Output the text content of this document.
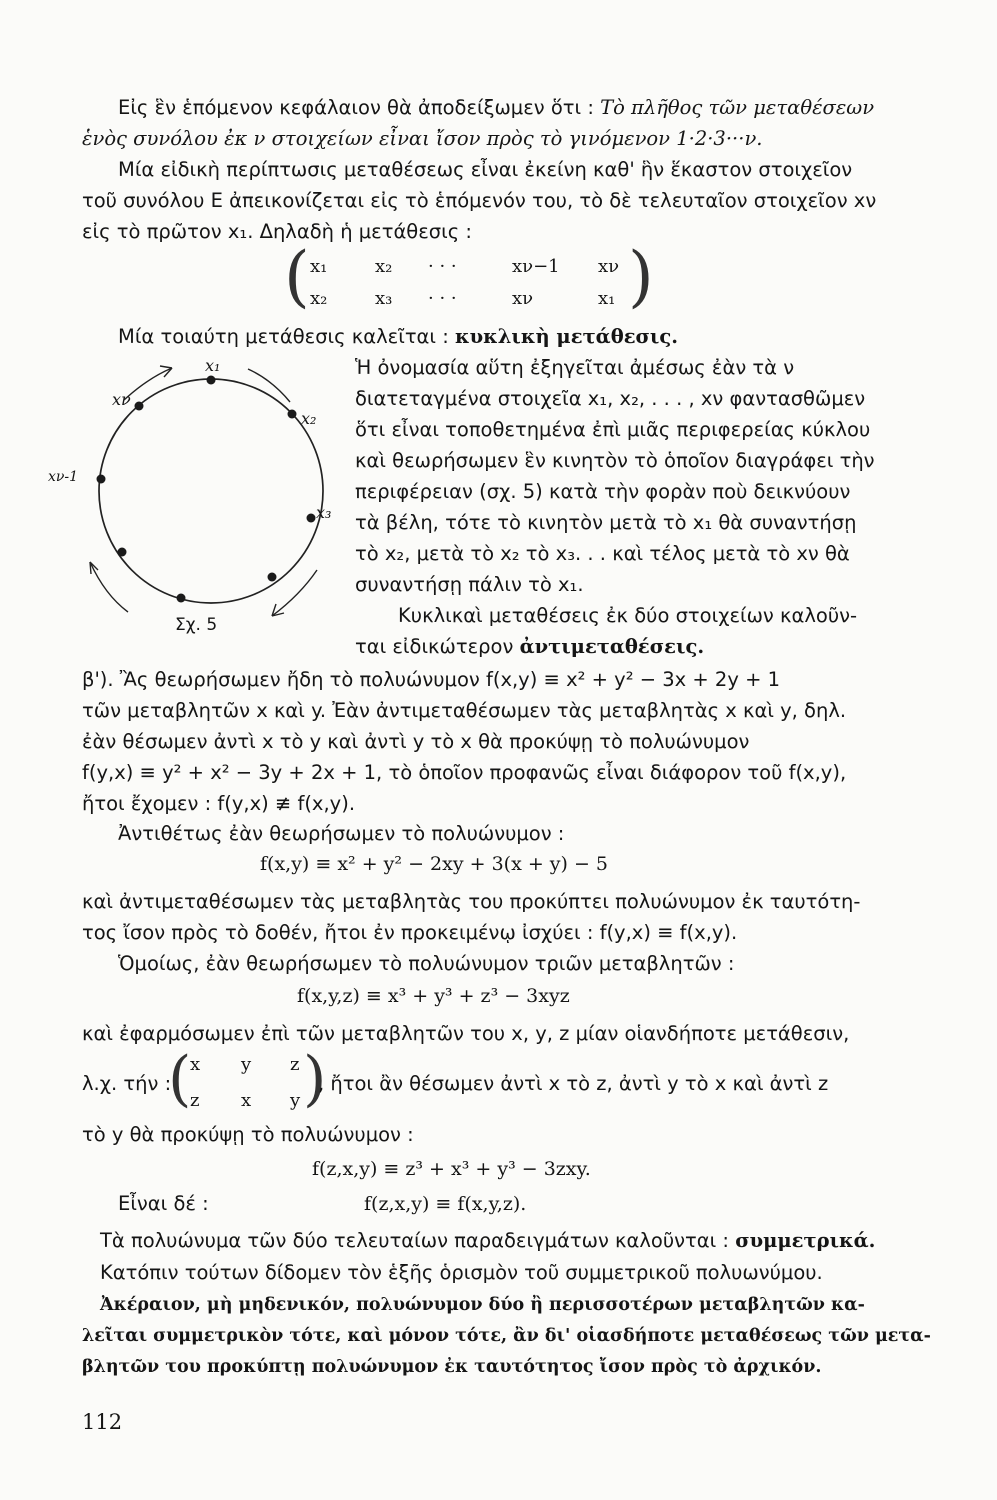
Εἰς ἓν ἑπόμενον κεφάλαιον θὰ ἀποδείξωμεν ὅτι : Τὸ πλῆθος τῶν μεταθέσεων
ἑνὸς συνόλου ἐκ ν στοιχείων εἶναι ἴσον πρὸς τὸ γινόμενον 1·2·3···ν.
Μία εἰδικὴ περίπτωσις μεταθέσεως εἶναι ἐκείνη καθ' ἣν ἕκαστον στοιχεῖον
τοῦ συνόλου Ε ἀπεικονίζεται εἰς τὸ ἑπόμενόν του, τὸ δὲ τελευταῖον στοιχεῖον xν
εἰς τὸ πρῶτον x₁. Δηλαδὴ ἡ μετάθεσις :
(	)
x₁	x₂ · · ·	xν−1 xν
x₂	x₃ · · ·	xν	x₁
Μία τοιαύτη μετάθεσις καλεῖται : κυκλικὴ μετάθεσις.
x₁
x₂
x₃
xν
xν-1
Σχ. 5
Ἡ ὀνομασία αὕτη ἐξηγεῖται ἀμέσως ἐὰν τὰ ν
διατεταγμένα στοιχεῖα x₁, x₂, . . . , xν φαντασθῶμεν
ὅτι εἶναι τοποθετημένα ἐπὶ μιᾶς περιφερείας κύκλου
καὶ θεωρήσωμεν ἓν κινητὸν τὸ ὁποῖον διαγράφει τὴν
περιφέρειαν (σχ. 5) κατὰ τὴν φορὰν ποὺ δεικνύουν
τὰ βέλη, τότε τὸ κινητὸν μετὰ τὸ x₁ θὰ συναντήσῃ
τὸ x₂, μετὰ τὸ x₂ τὸ x₃. . . καὶ τέλος μετὰ τὸ xν θὰ
συναντήσῃ πάλιν τὸ x₁.
Κυκλικαὶ μεταθέσεις ἐκ δύο στοιχείων καλοῦν-
ται εἰδικώτερον ἀντιμεταθέσεις.
β'). Ἂς θεωρήσωμεν ἤδη τὸ πολυώνυμον f(x,y) ≡ x² + y² − 3x + 2y + 1
τῶν μεταβλητῶν x καὶ y. Ἐὰν ἀντιμεταθέσωμεν τὰς μεταβλητὰς x καὶ y, δηλ.
ἐὰν θέσωμεν ἀντὶ x τὸ y καὶ ἀντὶ y τὸ x θὰ προκύψῃ τὸ πολυώνυμον
f(y,x) ≡ y² + x² − 3y + 2x + 1, τὸ ὁποῖον προφανῶς εἶναι διάφορον τοῦ f(x,y),
ἤτοι ἔχομεν : f(y,x) ≢ f(x,y).
Ἀντιθέτως ἐὰν θεωρήσωμεν τὸ πολυώνυμον :
f(x,y) ≡ x² + y² − 2xy + 3(x + y) − 5
καὶ ἀντιμεταθέσωμεν τὰς μεταβλητὰς του προκύπτει πολυώνυμον ἐκ ταυτότη-
τος ἴσον πρὸς τὸ δοθέν, ἤτοι ἐν προκειμένῳ ἰσχύει : f(y,x) ≡ f(x,y).
Ὁμοίως, ἐὰν θεωρήσωμεν τὸ πολυώνυμον τριῶν μεταβλητῶν :
f(x,y,z) ≡ x³ + y³ + z³ − 3xyz
καὶ ἐφαρμόσωμεν ἐπὶ τῶν μεταβλητῶν του x, y, z μίαν οἱανδήποτε μετάθεσιν,
λ.χ. τήν :
( )
x y z
z x y
, ἤτοι ἂν θέσωμεν ἀντὶ x τὸ z, ἀντὶ y τὸ x καὶ ἀντὶ z
τὸ y θὰ προκύψῃ τὸ πολυώνυμον :
f(z,x,y) ≡ z³ + x³ + y³ − 3zxy.
Εἶναι δέ :	f(z,x,y) ≡ f(x,y,z).
Τὰ πολυώνυμα τῶν δύο τελευταίων παραδειγμάτων καλοῦνται : συμμετρικά.
Κατόπιν τούτων δίδομεν τὸν ἑξῆς ὁρισμὸν τοῦ συμμετρικοῦ πολυωνύμου.
Ἀκέραιον, μὴ μηδενικόν, πολυώνυμον δύο ἢ περισσοτέρων μεταβλητῶν κα-
λεῖται συμμετρικὸν τότε, καὶ μόνον τότε, ἂν δι' οἱασδήποτε μεταθέσεως τῶν μετα-
βλητῶν του προκύπτῃ πολυώνυμον ἐκ ταυτότητος ἴσον πρὸς τὸ ἀρχικόν.
112
